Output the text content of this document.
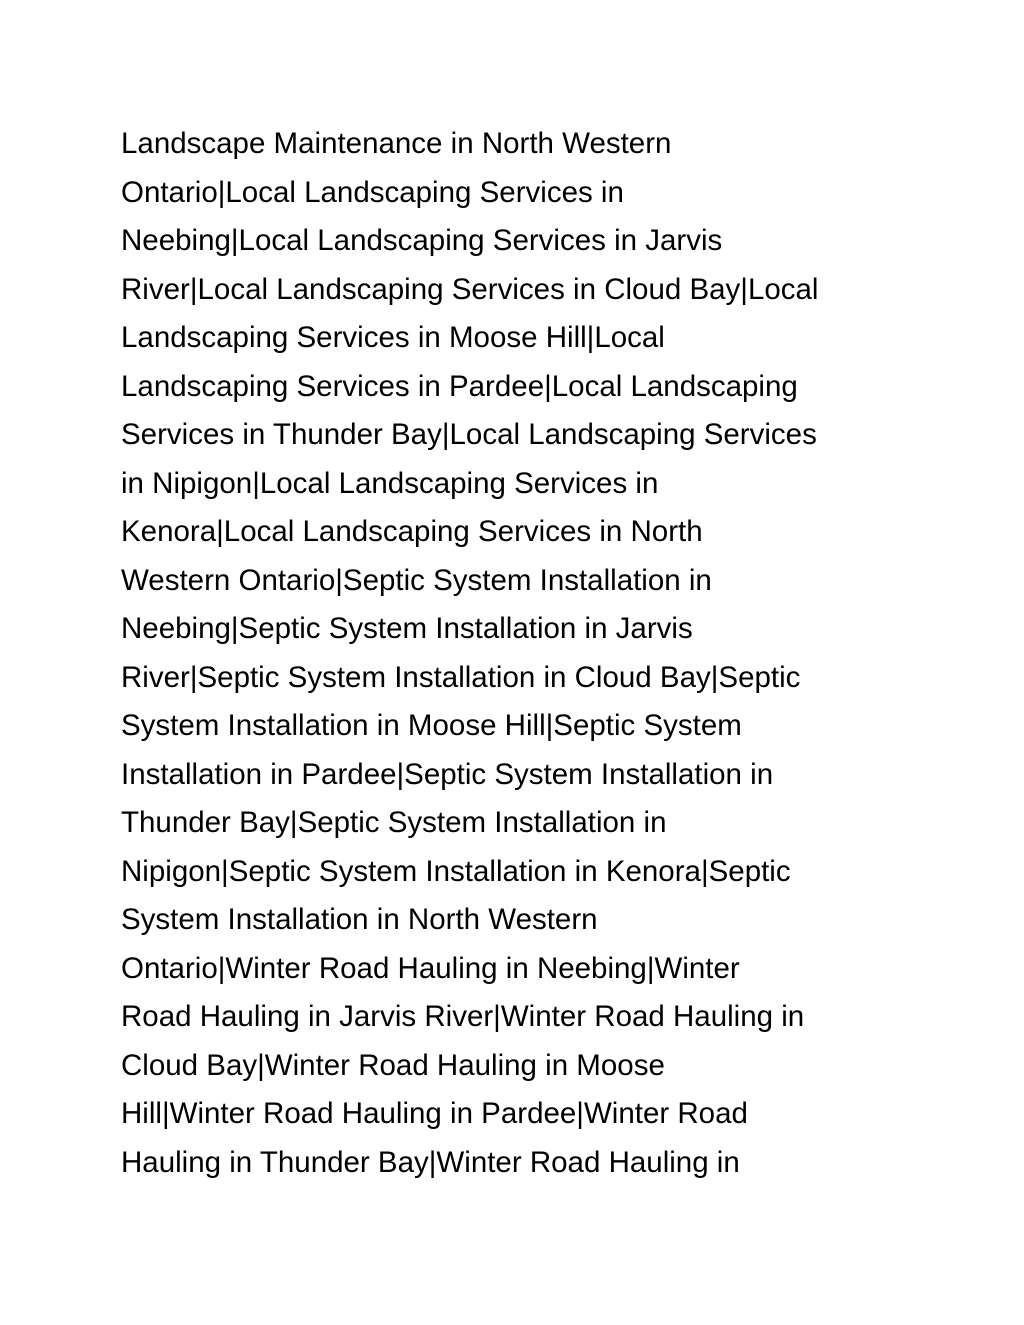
Landscape Maintenance in North Western
Ontario|Local Landscaping Services in
Neebing|Local Landscaping Services in Jarvis
River|Local Landscaping Services in Cloud Bay|Local
Landscaping Services in Moose Hill|Local
Landscaping Services in Pardee|Local Landscaping
Services in Thunder Bay|Local Landscaping Services
in Nipigon|Local Landscaping Services in
Kenora|Local Landscaping Services in North
Western Ontario|Septic System Installation in
Neebing|Septic System Installation in Jarvis
River|Septic System Installation in Cloud Bay|Septic
System Installation in Moose Hill|Septic System
Installation in Pardee|Septic System Installation in
Thunder Bay|Septic System Installation in
Nipigon|Septic System Installation in Kenora|Septic
System Installation in North Western
Ontario|Winter Road Hauling in Neebing|Winter
Road Hauling in Jarvis River|Winter Road Hauling in
Cloud Bay|Winter Road Hauling in Moose
Hill|Winter Road Hauling in Pardee|Winter Road
Hauling in Thunder Bay|Winter Road Hauling in
